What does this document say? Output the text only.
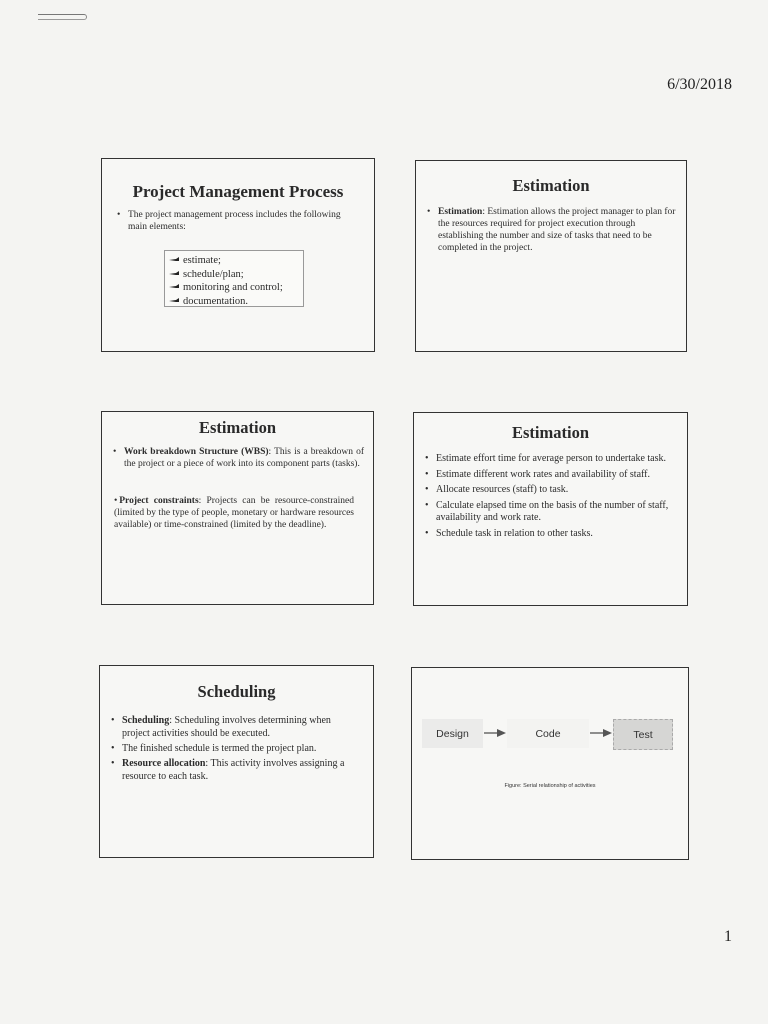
6/30/2018
Project Management Process
• The project management process includes the following main elements:
estimate;
schedule/plan;
monitoring and control;
documentation.
Estimation
• Estimation: Estimation allows the project manager to plan for the resources required for project execution through establishing the number and size of tasks that need to be completed in the project.
Estimation
• Work breakdown Structure (WBS): This is a breakdown of the project or a piece of work into its component parts (tasks).
• Project constraints: Projects can be resource-constrained (limited by the type of people, monetary or hardware resources available) or time-constrained (limited by the deadline).
Estimation
• Estimate effort time for average person to undertake task.
• Estimate different work rates and availability of staff.
• Allocate resources (staff) to task.
• Calculate elapsed time on the basis of the number of staff, availability and work rate.
• Schedule task in relation to other tasks.
Scheduling
• Scheduling: Scheduling involves determining when project activities should be executed.
• The finished schedule is termed the project plan.
• Resource allocation: This activity involves assigning a resource to each task.
Design	Code	Test
Figure: Serial relationship of activities
1
